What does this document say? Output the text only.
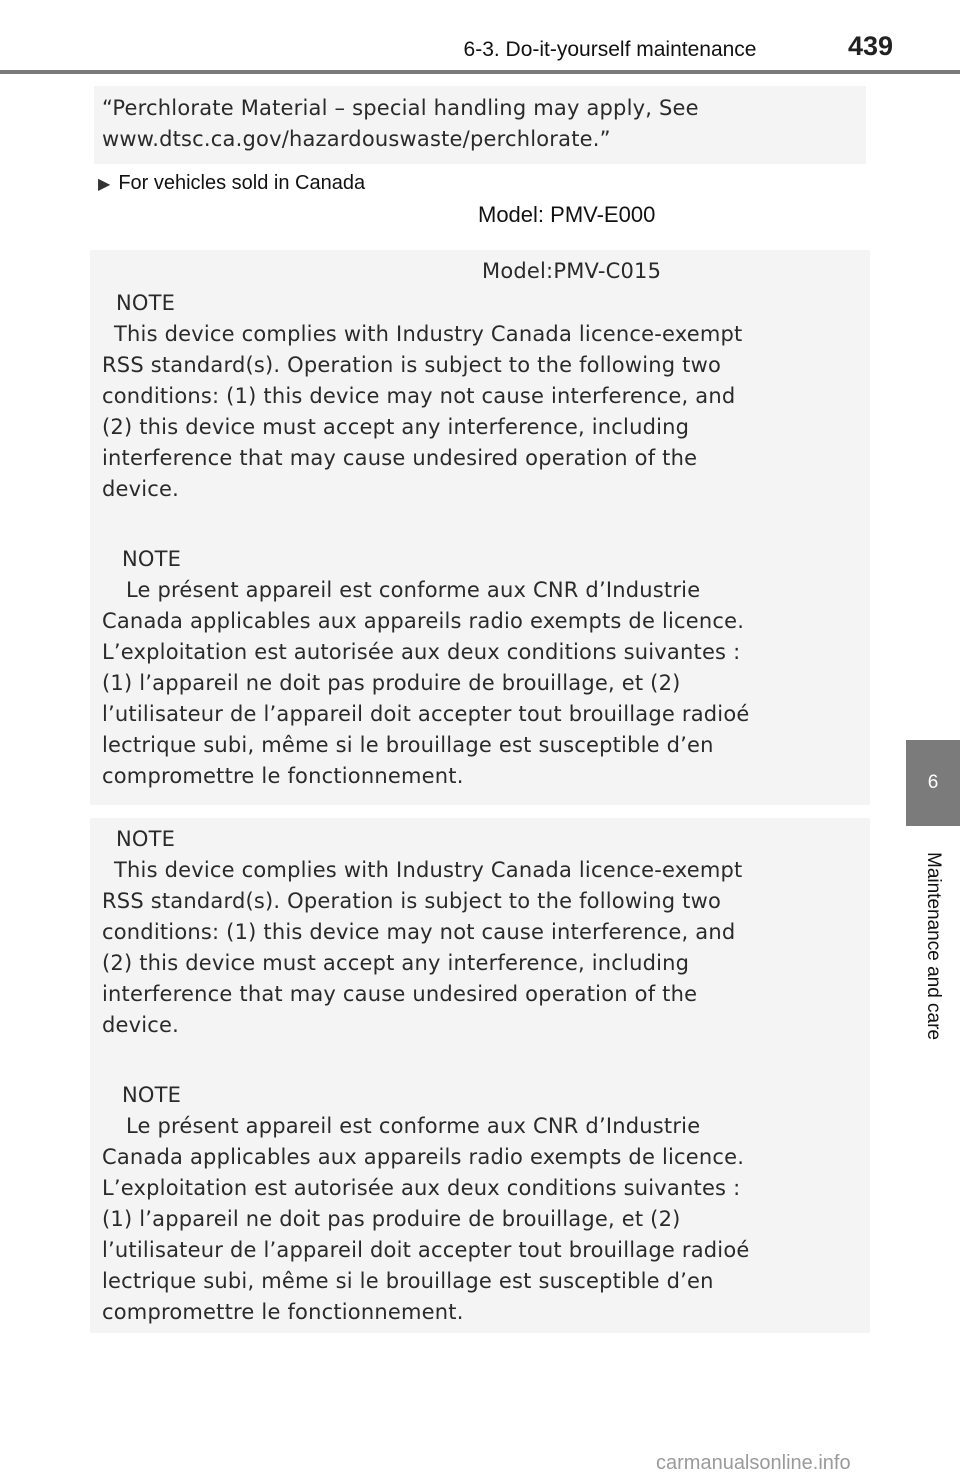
6-3. Do-it-yourself maintenance	439
6
Maintenance and care
“Perchlorate Material – special handling may apply, See
www.dtsc.ca.gov/hazardouswaste/perchlorate.”
▶ For vehicles sold in Canada
Model: PMV-E000
Model:PMV-C015
NOTE
This device complies with Industry Canada licence-exempt
RSS standard(s). Operation is subject to the following two
conditions: (1) this device may not cause interference, and
(2) this device must accept any interference, including
interference that may cause undesired operation of the
device.
NOTE
Le présent appareil est conforme aux CNR d’Industrie
Canada applicables aux appareils radio exempts de licence.
L’exploitation est autorisée aux deux conditions suivantes :
(1) l’appareil ne doit pas produire de brouillage, et (2)
l’utilisateur de l’appareil doit accepter tout brouillage radioé
lectrique subi, même si le brouillage est susceptible d’en
compromettre le fonctionnement.
NOTE
This device complies with Industry Canada licence-exempt
RSS standard(s). Operation is subject to the following two
conditions: (1) this device may not cause interference, and
(2) this device must accept any interference, including
interference that may cause undesired operation of the
device.
NOTE
Le présent appareil est conforme aux CNR d’Industrie
Canada applicables aux appareils radio exempts de licence.
L’exploitation est autorisée aux deux conditions suivantes :
(1) l’appareil ne doit pas produire de brouillage, et (2)
l’utilisateur de l’appareil doit accepter tout brouillage radioé
lectrique subi, même si le brouillage est susceptible d’en
compromettre le fonctionnement.
carmanualsonline.info
